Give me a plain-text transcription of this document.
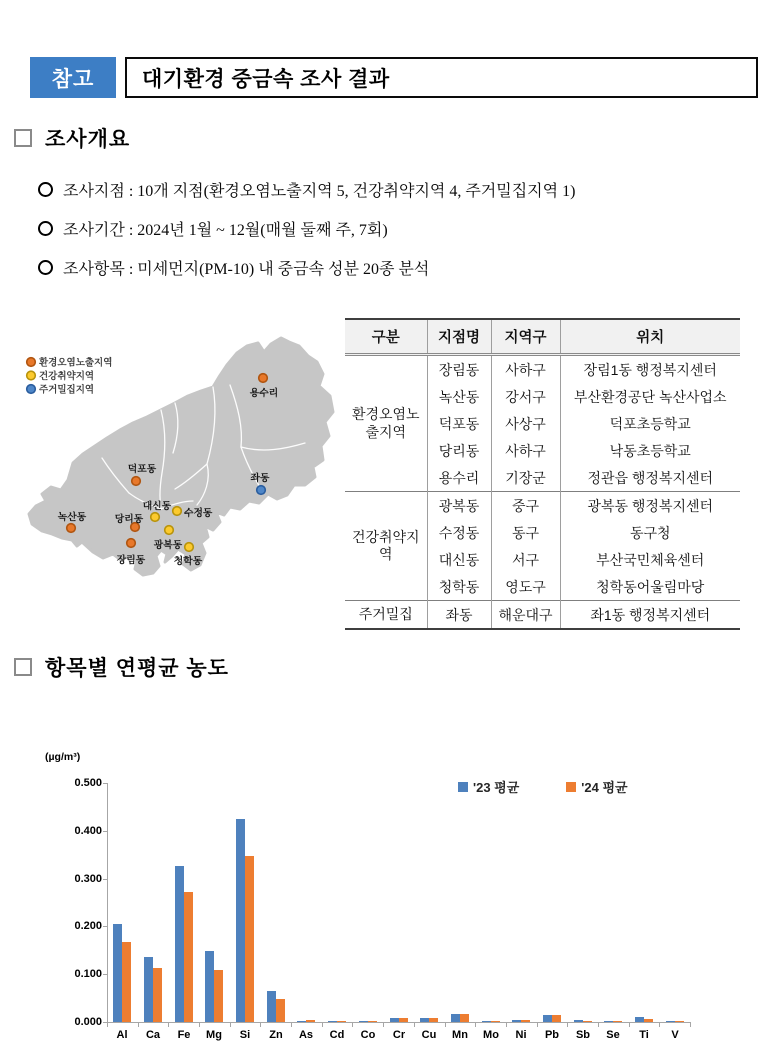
참고	대기환경 중금속 조사 결과
조사개요
조사지점 : 10개 지점(환경오염노출지역 5, 건강취약지역 4, 주거밀집지역 1)
조사기간 : 2024년 1월 ~ 12월(매월 둘째 주, 7회)
조사항목 : 미세먼지(PM-10) 내 중금속 성분 20종 분석
환경오염노출지역
건강취약지역
주거밀집지역	용수리
덕포동
좌동
대신동
수정동
당리동
녹산동
광복동
장림동	청학동
구분	지점명	지역구	위치
환경오염노출지역	장림동	사하구	장림1동 행정복지센터
	녹산동	강서구	부산환경공단 녹산사업소
	덕포동	사상구	덕포초등학교
	당리동	사하구	낙동초등학교
	용수리	기장군	정관읍 행정복지센터
건강취약지역	광복동	중구	광복동 행정복지센터
	수정동	동구	동구청
	대신동	서구	부산국민체육센터
	청학동	영도구	청학동어울림마당
주거밀집	좌동	해운대구	좌1동 행정복지센터
항목별 연평균 농도
(µg/m³)
'23 평균	'24 평균
0.000
0.100
0.200
0.300
0.400
0.500
Al	Ca	Fe	Mg	Si	Zn	As	Cd	Co	Cr	Cu	Mn	Mo	Ni	Pb	Sb	Se	Ti	V
